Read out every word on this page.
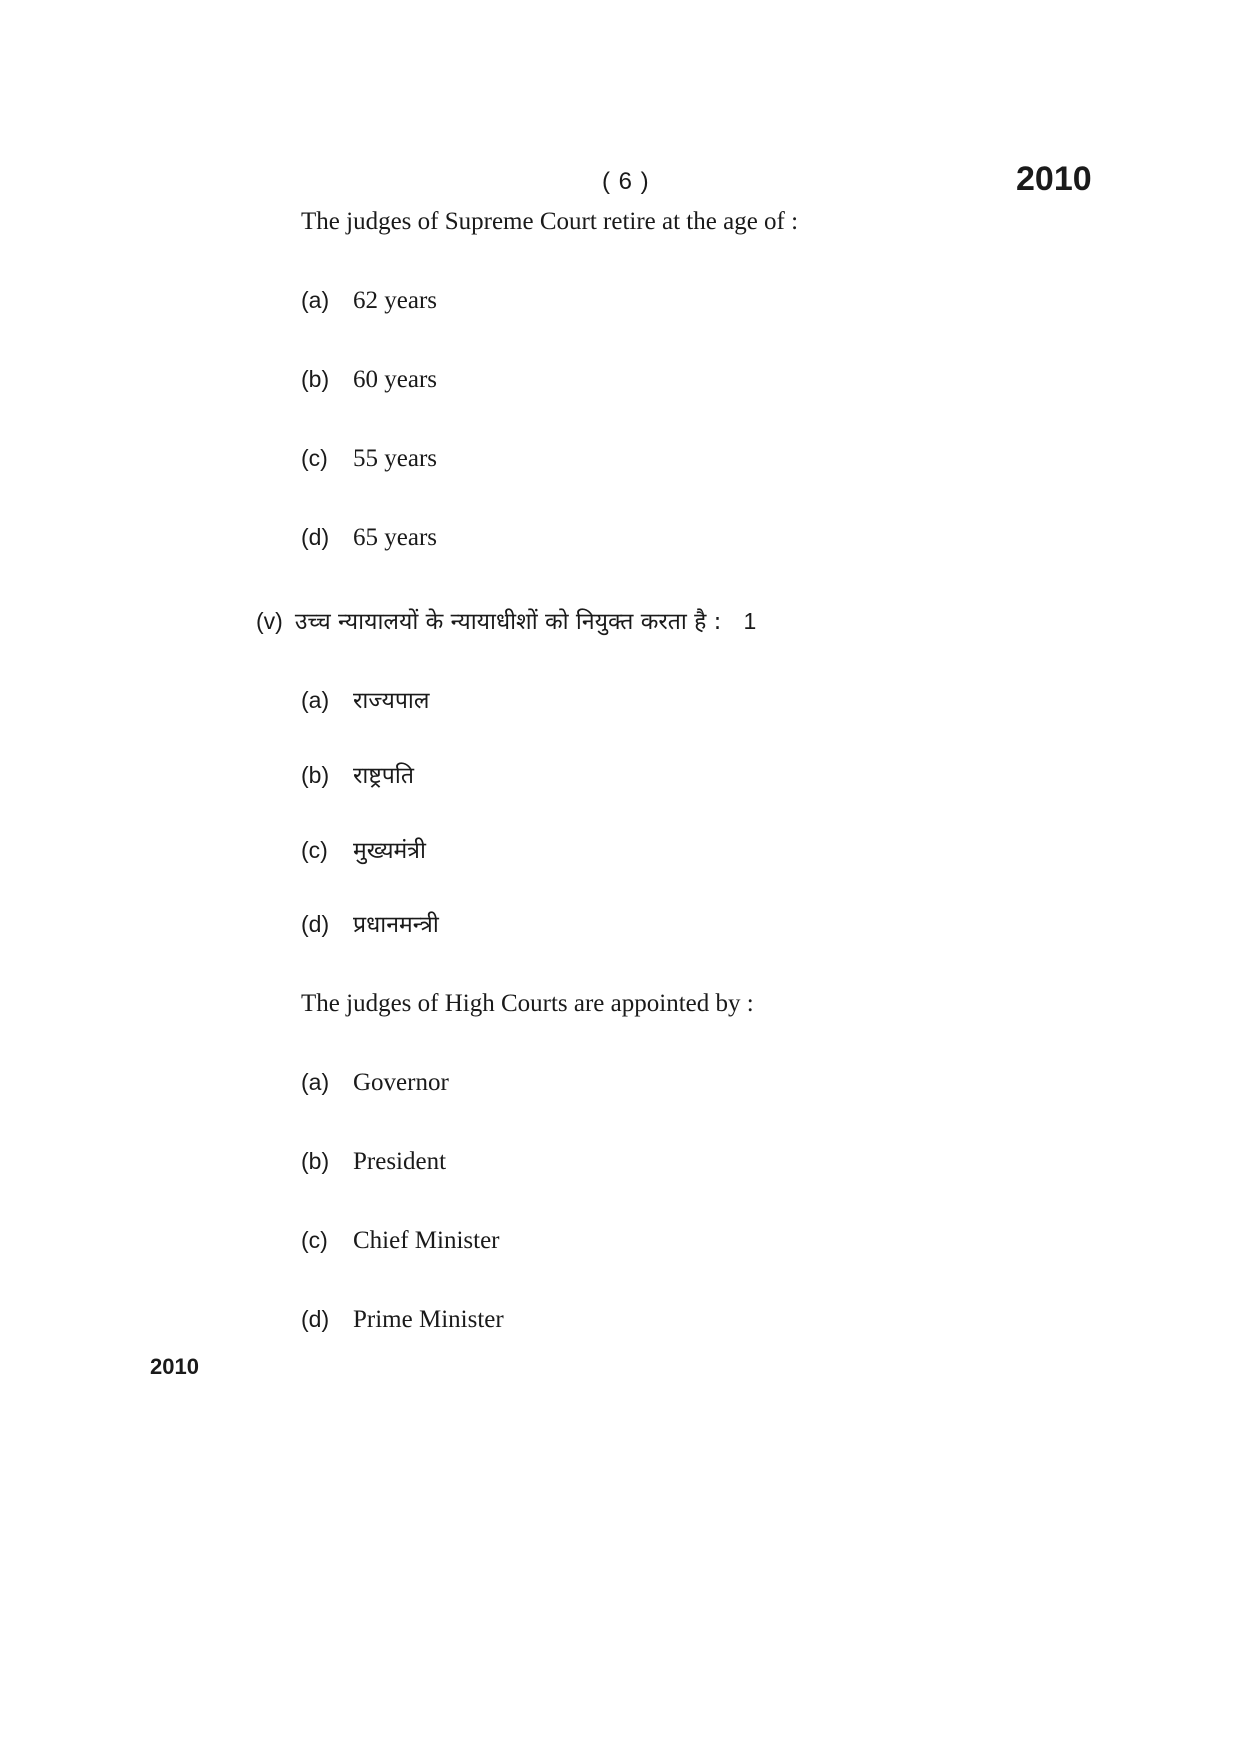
( 6 )	2010
The judges of Supreme Court retire at the age of :
(a) 62 years
(b) 60 years
(c) 55 years
(d) 65 years
(v) उच्च न्यायालयों के न्यायाधीशों को नियुक्त करता है : 1
(a) राज्यपाल
(b) राष्ट्रपति
(c) मुख्यमंत्री
(d) प्रधानमन्त्री
The judges of High Courts are appointed by :
(a) Governor
(b) President
(c) Chief Minister
(d) Prime Minister
2010
